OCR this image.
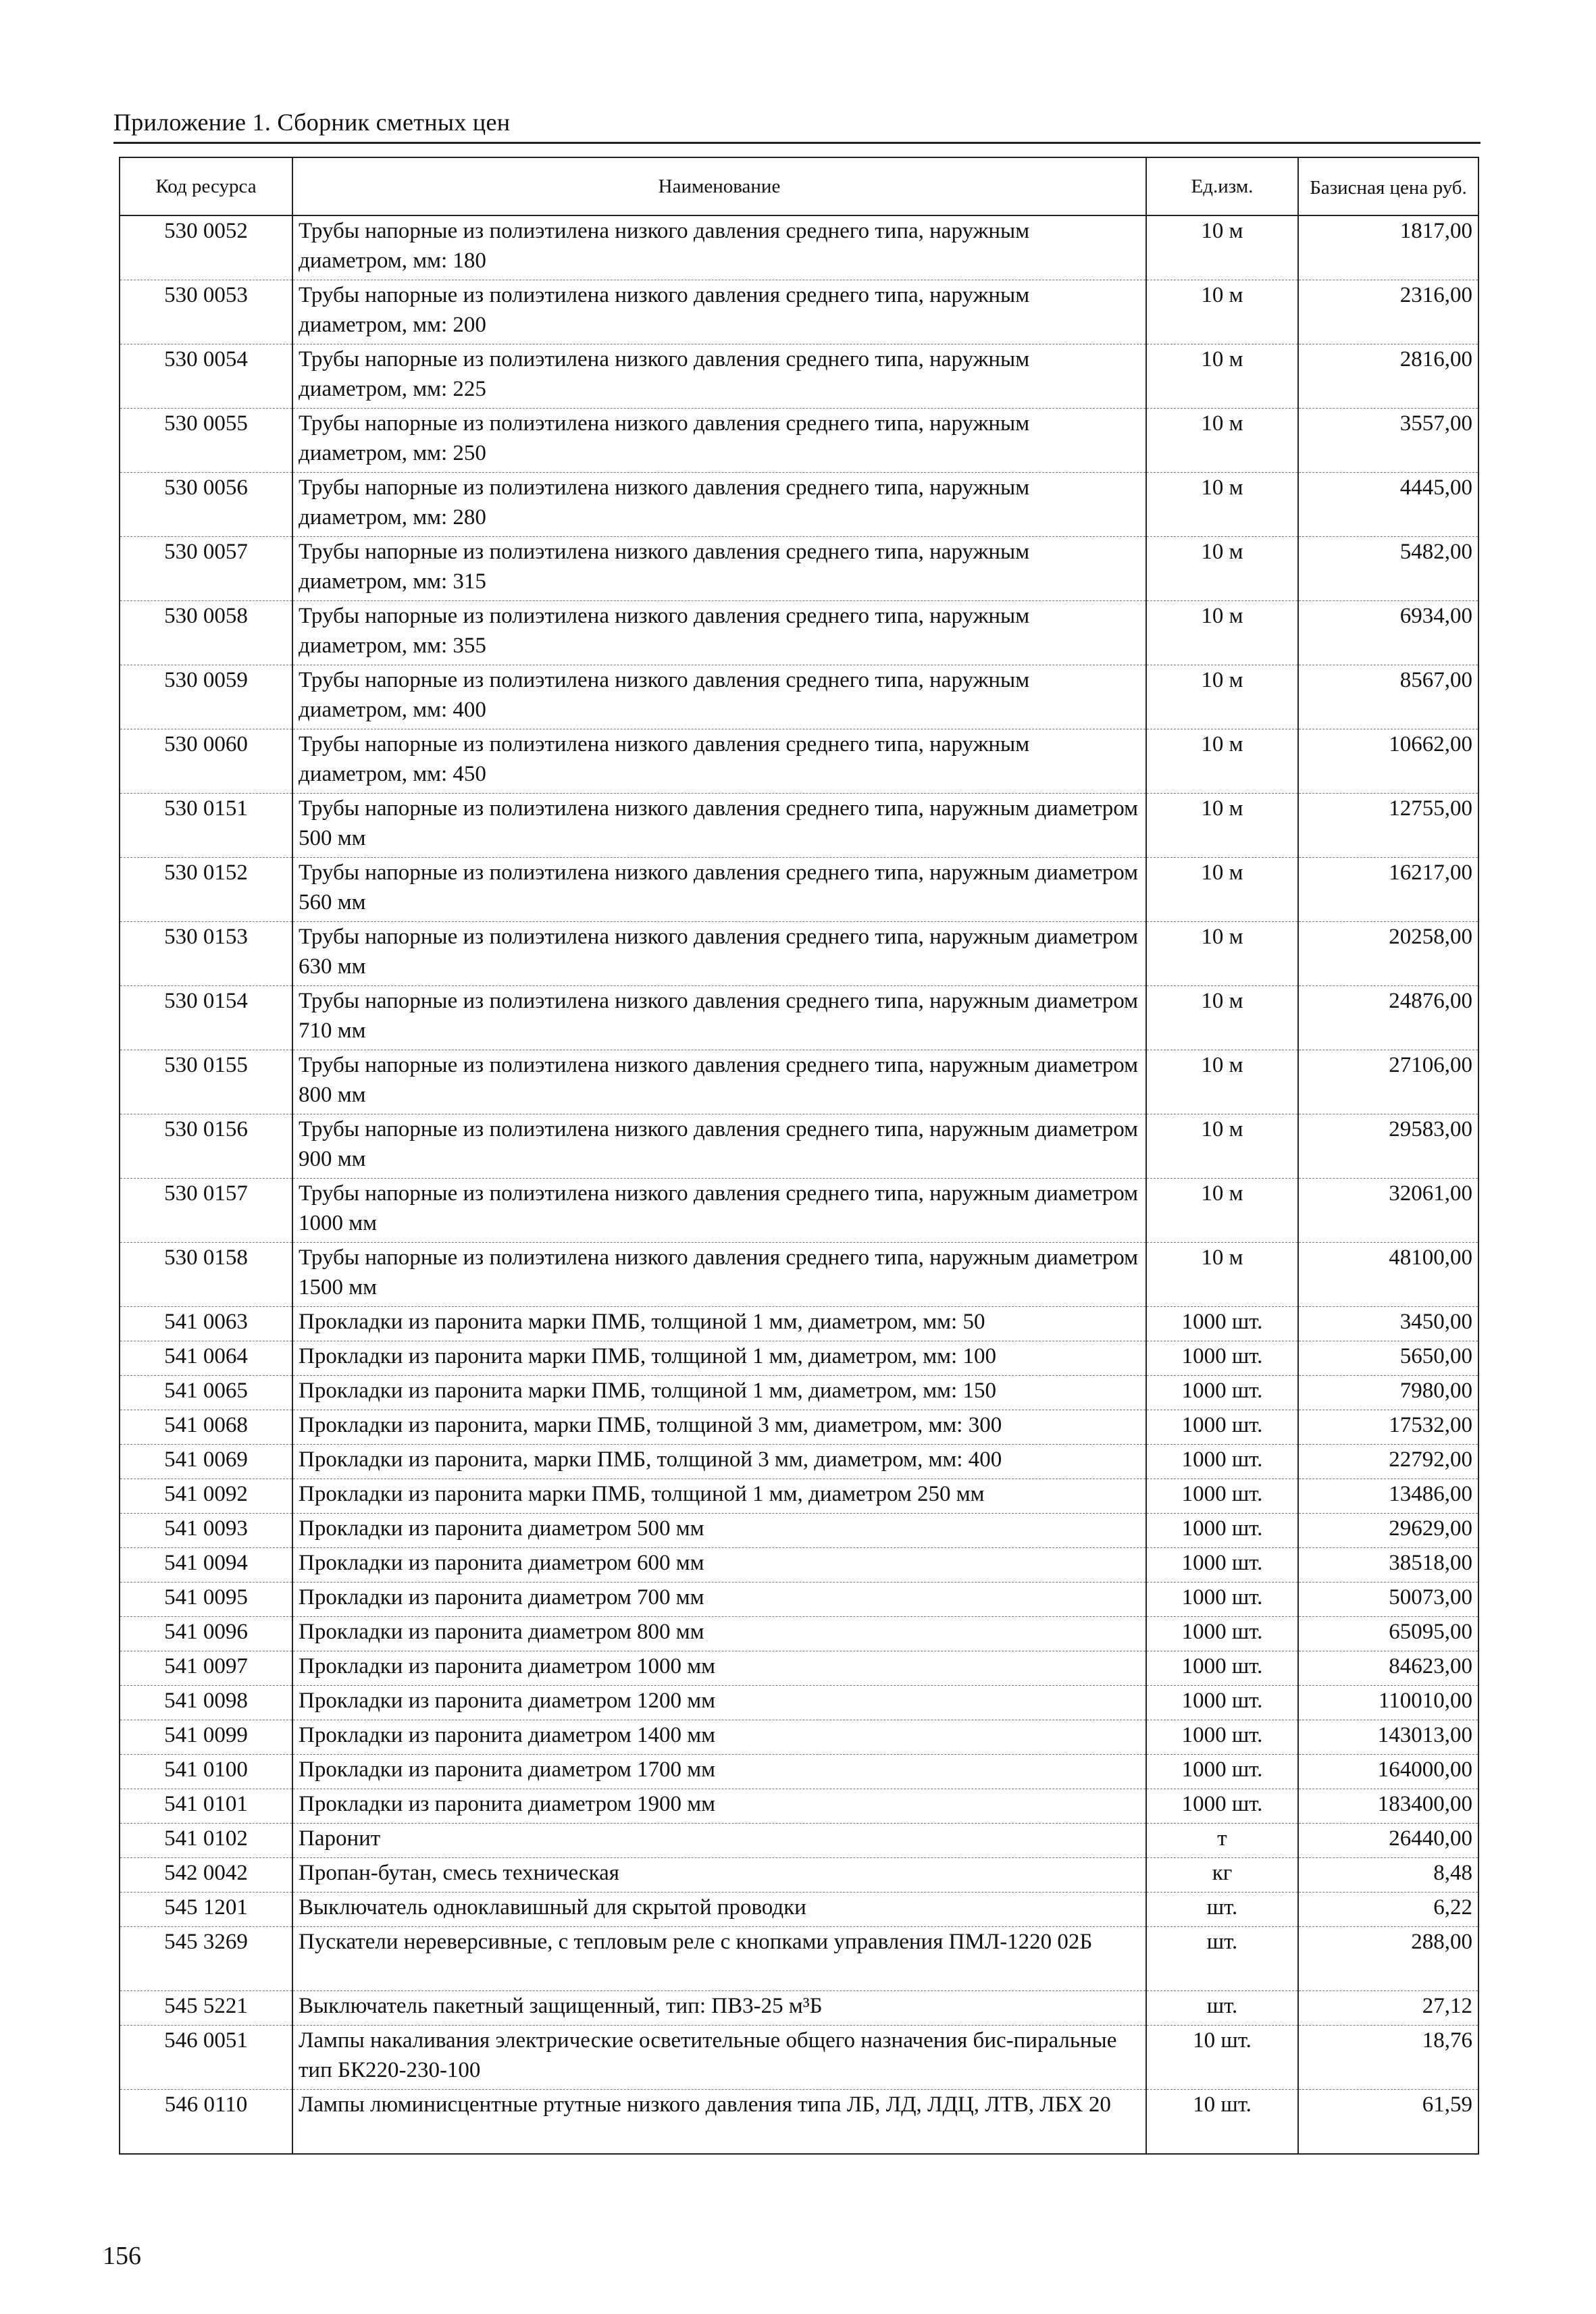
Приложение 1. Сборник сметных цен
Код ресурса	Наименование	Ед.изм.	Базисная цена руб.
530 0052	Трубы напорные из полиэтилена низкого давления среднего типа, наружным диаметром, мм: 180	10 м	1817,00
530 0053	Трубы напорные из полиэтилена низкого давления среднего типа, наружным диаметром, мм: 200	10 м	2316,00
530 0054	Трубы напорные из полиэтилена низкого давления среднего типа, наружным диаметром, мм: 225	10 м	2816,00
530 0055	Трубы напорные из полиэтилена низкого давления среднего типа, наружным диаметром, мм: 250	10 м	3557,00
530 0056	Трубы напорные из полиэтилена низкого давления среднего типа, наружным диаметром, мм: 280	10 м	4445,00
530 0057	Трубы напорные из полиэтилена низкого давления среднего типа, наружным диаметром, мм: 315	10 м	5482,00
530 0058	Трубы напорные из полиэтилена низкого давления среднего типа, наружным диаметром, мм: 355	10 м	6934,00
530 0059	Трубы напорные из полиэтилена низкого давления среднего типа, наружным диаметром, мм: 400	10 м	8567,00
530 0060	Трубы напорные из полиэтилена низкого давления среднего типа, наружным диаметром, мм: 450	10 м	10662,00
530 0151	Трубы напорные из полиэтилена низкого давления среднего типа, наружным диаметром 500 мм	10 м	12755,00
530 0152	Трубы напорные из полиэтилена низкого давления среднего типа, наружным диаметром 560 мм	10 м	16217,00
530 0153	Трубы напорные из полиэтилена низкого давления среднего типа, наружным диаметром 630 мм	10 м	20258,00
530 0154	Трубы напорные из полиэтилена низкого давления среднего типа, наружным диаметром 710 мм	10 м	24876,00
530 0155	Трубы напорные из полиэтилена низкого давления среднего типа, наружным диаметром 800 мм	10 м	27106,00
530 0156	Трубы напорные из полиэтилена низкого давления среднего типа, наружным диаметром 900 мм	10 м	29583,00
530 0157	Трубы напорные из полиэтилена низкого давления среднего типа, наружным диаметром 1000 мм	10 м	32061,00
530 0158	Трубы напорные из полиэтилена низкого давления среднего типа, наружным диаметром 1500 мм	10 м	48100,00
541 0063	Прокладки из паронита марки ПМБ, толщиной 1 мм, диаметром, мм: 50	1000 шт.	3450,00
541 0064	Прокладки из паронита марки ПМБ, толщиной 1 мм, диаметром, мм: 100	1000 шт.	5650,00
541 0065	Прокладки из паронита марки ПМБ, толщиной 1 мм, диаметром, мм: 150	1000 шт.	7980,00
541 0068	Прокладки из паронита, марки ПМБ, толщиной 3 мм, диаметром, мм: 300	1000 шт.	17532,00
541 0069	Прокладки из паронита, марки ПМБ, толщиной 3 мм, диаметром, мм: 400	1000 шт.	22792,00
541 0092	Прокладки из паронита марки ПМБ, толщиной 1 мм, диаметром 250 мм	1000 шт.	13486,00
541 0093	Прокладки из паронита диаметром 500 мм	1000 шт.	29629,00
541 0094	Прокладки из паронита диаметром 600 мм	1000 шт.	38518,00
541 0095	Прокладки из паронита диаметром 700 мм	1000 шт.	50073,00
541 0096	Прокладки из паронита диаметром 800 мм	1000 шт.	65095,00
541 0097	Прокладки из паронита диаметром 1000 мм	1000 шт.	84623,00
541 0098	Прокладки из паронита диаметром 1200 мм	1000 шт.	110010,00
541 0099	Прокладки из паронита диаметром 1400 мм	1000 шт.	143013,00
541 0100	Прокладки из паронита диаметром 1700 мм	1000 шт.	164000,00
541 0101	Прокладки из паронита диаметром 1900 мм	1000 шт.	183400,00
541 0102	Паронит	т	26440,00
542 0042	Пропан-бутан, смесь техническая	кг	8,48
545 1201	Выключатель одноклавишный для скрытой проводки	шт.	6,22
545 3269	Пускатели нереверсивные, с тепловым реле с кнопками управления ПМЛ-1220 02Б	шт.	288,00
545 5221	Выключатель пакетный защищенный, тип: ПВ3-25 м³Б	шт.	27,12
546 0051	Лампы накаливания электрические осветительные общего назначения бис-пиральные тип БК220-230-100	10 шт.	18,76
546 0110	Лампы люминисцентные ртутные низкого давления типа ЛБ, ЛД, ЛДЦ, ЛТВ, ЛБХ 20	10 шт.	61,59
156
